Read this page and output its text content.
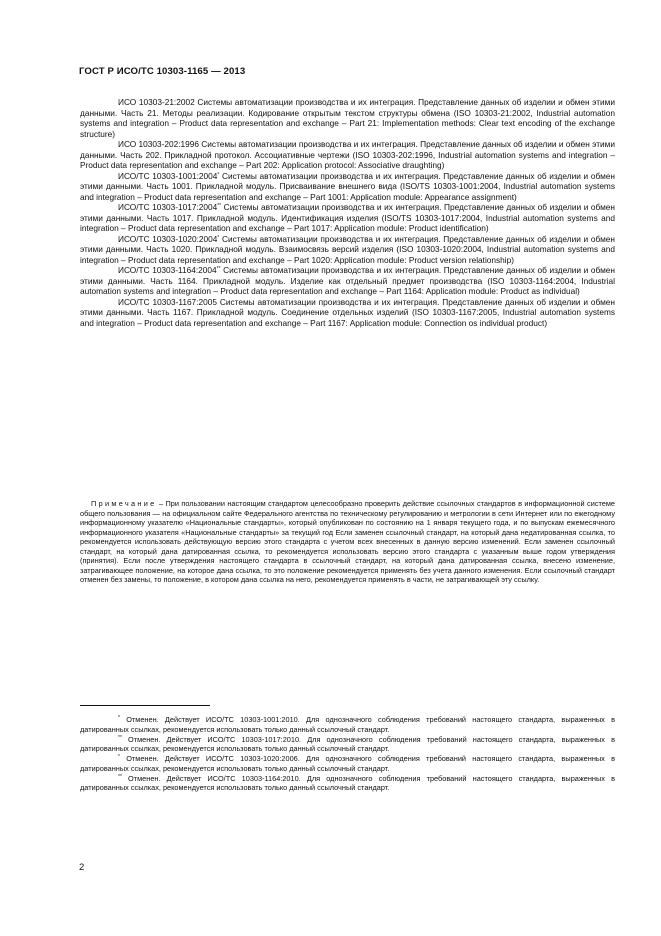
ГОСТ Р ИСО/ТС 10303-1165 — 2013

ИСО 10303-21:2002 Системы автоматизации производства и их интеграция. Представление данных об изделии и обмен этими данными. Часть 21. Методы реализации. Кодирование открытым текстом структуры обмена (ISO 10303-21:2002, Industrial automation systems and integration – Product data representation and exchange – Part 21: Implementation methods: Clear text encoding of the exchange structure)

ИСО 10303-202:1996 Системы автоматизации производства и их интеграция. Представление данных об изделии и обмен этими данными. Часть 202. Прикладной протокол. Ассоциативные чертежи (ISO 10303-202:1996, Industrial automation systems and integration – Product data representation and exchange – Part 202: Application protocol: Associative draughting)

ИСО/ТС 10303-1001:2004* Системы автоматизации производства и их интеграция. Представление данных об изделии и обмен этими данными. Часть 1001. Прикладной модуль. Присваивание внешнего вида (ISO/TS 10303-1001:2004, Industrial automation systems and integration – Product data representation and exchange – Part 1001: Application module: Appearance assignment)

ИСО/ТС 10303-1017:2004** Системы автоматизации производства и их интеграция. Представление данных об изделии и обмен этими данными. Часть 1017. Прикладной модуль. Идентификация изделия (ISO/TS 10303-1017:2004, Industrial automation systems and integration – Product data representation and exchange – Part 1017: Application module: Product identification)

ИСО/ТС 10303-1020:2004* Системы автоматизации производства и их интеграция. Представление данных об изделии и обмен этими данными. Часть 1020. Прикладной модуль. Взаимосвязь версий изделия (ISO 10303-1020:2004, Industrial automation systems and integration – Product data representation and exchange – Part 1020: Application module: Product version relationship)

ИСО/ТС 10303-1164:2004** Системы автоматизации производства и их интеграция. Представление данных об изделии и обмен этими данными. Часть 1164. Прикладной модуль. Изделие как отдельный предмет производства (ISO 10303-1164:2004, Industrial automation systems and integration – Product data representation and exchange – Part 1164: Application module: Product as individual)

ИСО/ТС 10303-1167:2005 Системы автоматизации производства и их интеграция. Представление данных об изделии и обмен этими данными. Часть 1167. Прикладной модуль. Соединение отдельных изделий (ISO 10303-1167:2005, Industrial automation systems and integration – Product data representation and exchange – Part 1167: Application module: Connection os individual product)

Примечание – При пользовании настоящим стандартом целесообразно проверить действие ссылочных стандартов в информационной системе общего пользования — на официальном сайте Федерального агентства по техническому регулированию и метрологии в сети Интернет или по ежегодному информационному указателю «Национальные стандарты», который опубликован по состоянию на 1 января текущего года, и по выпускам ежемесячного информационного указателя «Национальные стандарты» за текущий год Если заменен ссылочный стандарт, на который дана недатированная ссылка, то рекомендуется использовать действующую версию этого стандарта с учетом всех внесенных в данную версию изменений. Если заменен ссылочный стандарт, на который дана датированная ссылка, то рекомендуется использовать версию этого стандарта с указанным выше годом утверждения (принятия). Если после утверждения настоящего стандарта в ссылочный стандарт, на который дана датированная ссылка, внесено изменение, затрагивающее положение, на которое дана ссылка, то это положение рекомендуется применять без учета данного изменения. Если ссылочный стандарт отменен без замены, то положение, в котором дана ссылка на него, рекомендуется применять в части, не затрагивающей эту ссылку.

* Отменен. Действует ИСО/ТС 10303-1001:2010. Для однозначного соблюдения требований настоящего стандарта, выраженных в датированных ссылках, рекомендуется использовать только данный ссылочный стандарт.

** Отменен. Действует ИСО/ТС 10303-1017:2010. Для однозначного соблюдения требований настоящего стандарта, выраженных в датированных ссылках, рекомендуется использовать только данный ссылочный стандарт.

* Отменен. Действует ИСО/ТС 10303-1020:2006. Для однозначного соблюдения требований настоящего стандарта, выраженных в датированных ссылках, рекомендуется использовать только данный ссылочный стандарт.

** Отменен. Действует ИСО/ТС 10303-1164:2010. Для однозначного соблюдения требований настоящего стандарта, выраженных в датированных ссылках, рекомендуется использовать только данный ссылочный стандарт.

2
